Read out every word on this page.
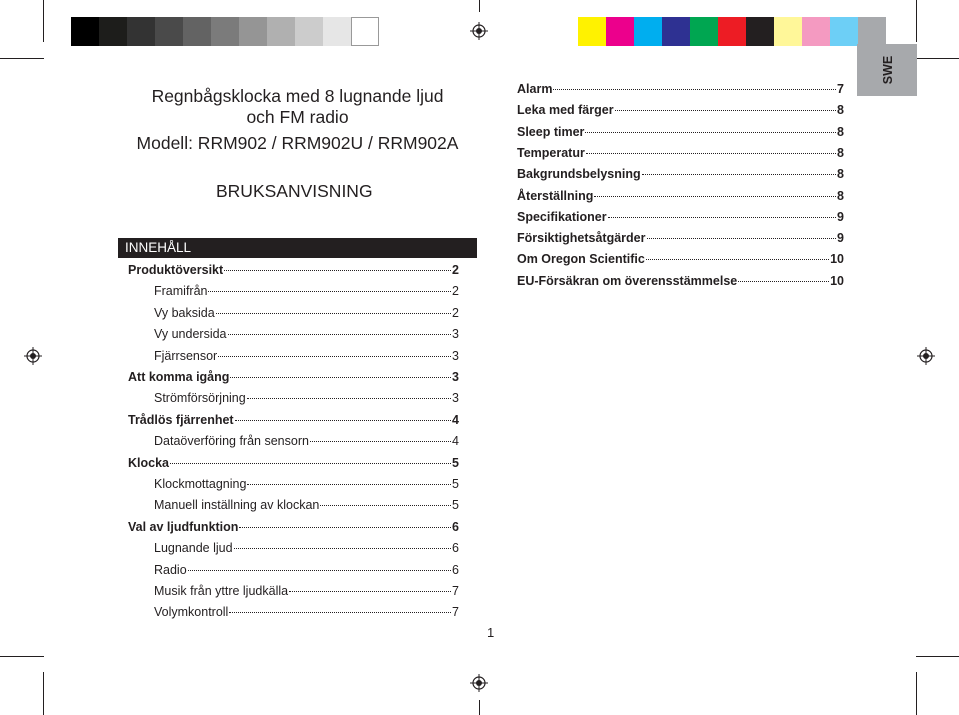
SWE
Regnbågsklocka med 8 lugnande ljud
och FM radio
Modell: RRM902 / RRM902U / RRM902A
BRUKSANVISNING
INNEHÅLL
Produktöversikt	2
Framifrån	2
Vy baksida	2
Vy undersida	3
Fjärrsensor	3
Att komma igång	3
Strömförsörjning	3
Trådlös fjärrenhet	4
Dataöverföring från sensorn	4
Klocka	5
Klockmottagning	5
Manuell inställning av klockan	5
Val av ljudfunktion	6
Lugnande ljud	6
Radio	6
Musik från yttre ljudkälla	7
Volymkontroll	7
Alarm	7
Leka med färger	8
Sleep timer	8
Temperatur	8
Bakgrundsbelysning	8
Återställning	8
Specifikationer	9
Försiktighetsåtgärder	9
Om Oregon Scientific	10
EU-Försäkran om överensstämmelse	10
1
